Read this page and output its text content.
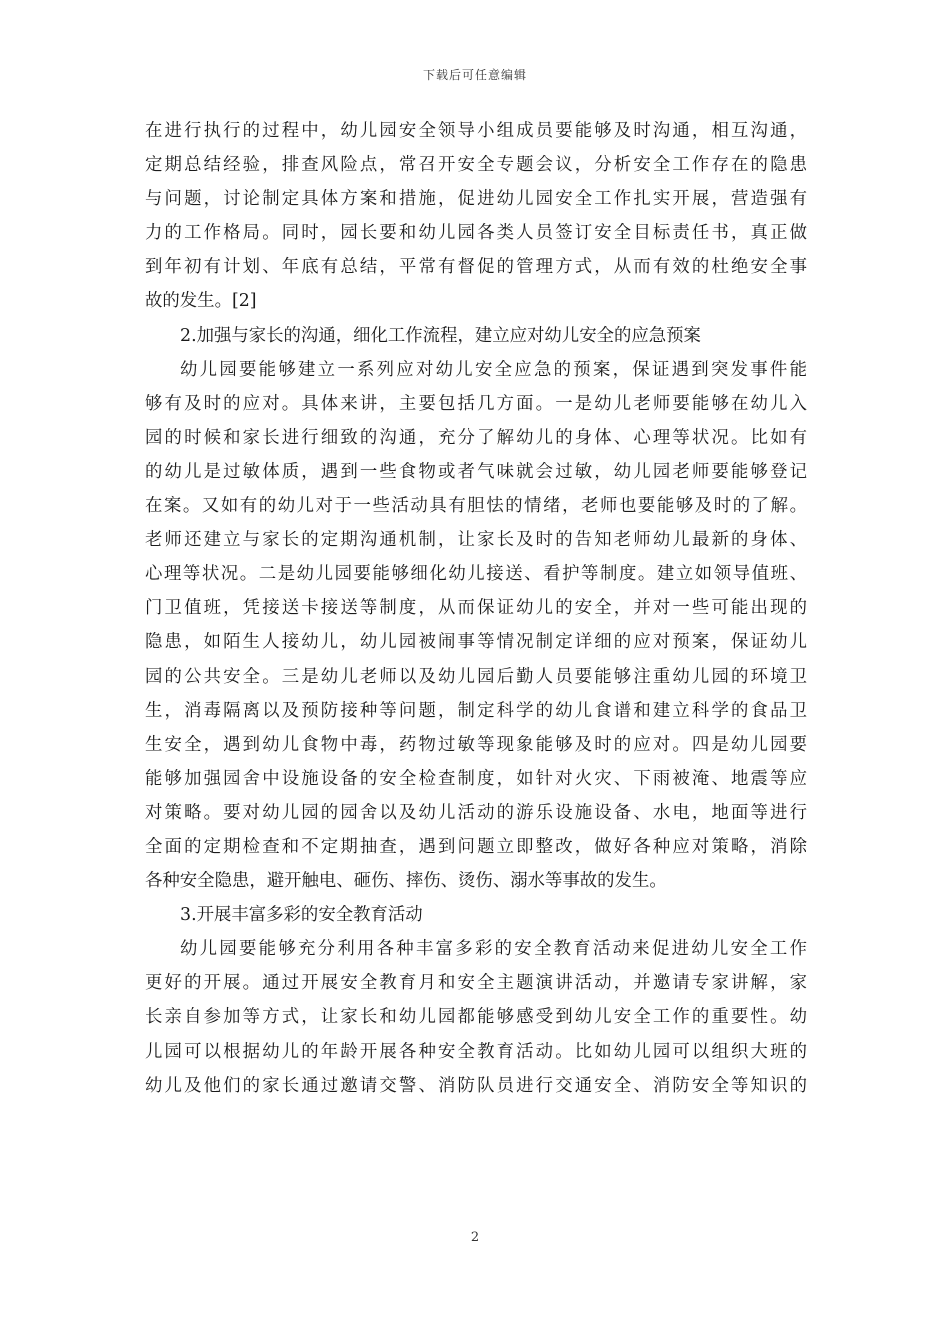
下载后可任意编辑
在进行执行的过程中，幼儿园安全领导小组成员要能够及时沟通，相互沟通，
定期总结经验，排查风险点，常召开安全专题会议，分析安全工作存在的隐患
与问题，讨论制定具体方案和措施，促进幼儿园安全工作扎实开展，营造强有
力的工作格局。同时，园长要和幼儿园各类人员签订安全目标责任书，真正做
到年初有计划、年底有总结，平常有督促的管理方式，从而有效的杜绝安全事
故的发生。[2]
2.加强与家长的沟通，细化工作流程，建立应对幼儿安全的应急预案
幼儿园要能够建立一系列应对幼儿安全应急的预案，保证遇到突发事件能
够有及时的应对。具体来讲，主要包括几方面。一是幼儿老师要能够在幼儿入
园的时候和家长进行细致的沟通，充分了解幼儿的身体、心理等状况。比如有
的幼儿是过敏体质，遇到一些食物或者气味就会过敏，幼儿园老师要能够登记
在案。又如有的幼儿对于一些活动具有胆怯的情绪，老师也要能够及时的了解。
老师还建立与家长的定期沟通机制，让家长及时的告知老师幼儿最新的身体、
心理等状况。二是幼儿园要能够细化幼儿接送、看护等制度。建立如领导值班、
门卫值班，凭接送卡接送等制度，从而保证幼儿的安全，并对一些可能出现的
隐患，如陌生人接幼儿，幼儿园被闹事等情况制定详细的应对预案，保证幼儿
园的公共安全。三是幼儿老师以及幼儿园后勤人员要能够注重幼儿园的环境卫
生，消毒隔离以及预防接种等问题，制定科学的幼儿食谱和建立科学的食品卫
生安全，遇到幼儿食物中毒，药物过敏等现象能够及时的应对。四是幼儿园要
能够加强园舍中设施设备的安全检查制度，如针对火灾、下雨被淹、地震等应
对策略。要对幼儿园的园舍以及幼儿活动的游乐设施设备、水电，地面等进行
全面的定期检查和不定期抽查，遇到问题立即整改，做好各种应对策略，消除
各种安全隐患，避开触电、砸伤、摔伤、烫伤、溺水等事故的发生。
3.开展丰富多彩的安全教育活动
幼儿园要能够充分利用各种丰富多彩的安全教育活动来促进幼儿安全工作
更好的开展。通过开展安全教育月和安全主题演讲活动，并邀请专家讲解，家
长亲自参加等方式，让家长和幼儿园都能够感受到幼儿安全工作的重要性。幼
儿园可以根据幼儿的年龄开展各种安全教育活动。比如幼儿园可以组织大班的
幼儿及他们的家长通过邀请交警、消防队员进行交通安全、消防安全等知识的
2
